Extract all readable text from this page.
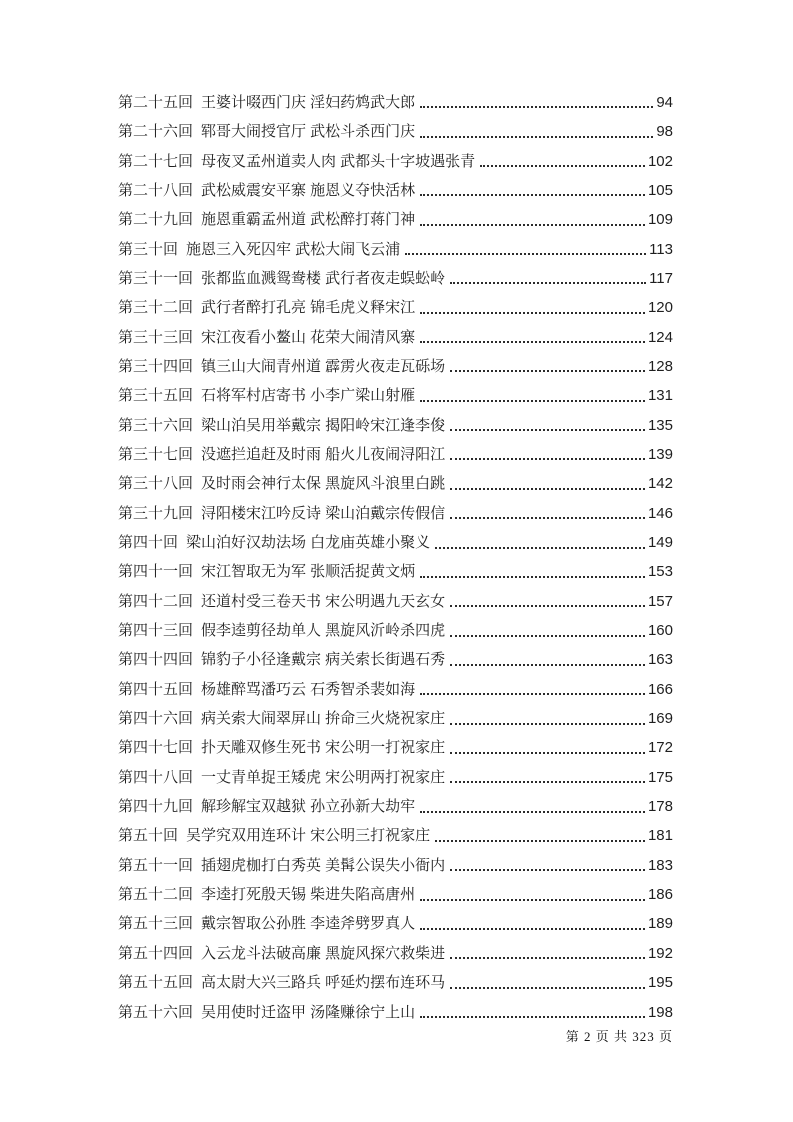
第二十五回 王婆计啜西门庆 淫妇药鸩武大郎	94
第二十六回 郓哥大闹授官厅 武松斗杀西门庆	98
第二十七回 母夜叉孟州道卖人肉 武都头十字坡遇张青	102
第二十八回 武松威震安平寨 施恩义夺快活林	105
第二十九回 施恩重霸孟州道 武松醉打蒋门神	109
第三十回 施恩三入死囚牢 武松大闹飞云浦	113
第三十一回 张都监血溅鸳鸯楼 武行者夜走蜈蚣岭	117
第三十二回 武行者醉打孔亮 锦毛虎义释宋江	120
第三十三回 宋江夜看小鳌山 花荣大闹清风寨	124
第三十四回 镇三山大闹青州道 霹雳火夜走瓦砾场	128
第三十五回 石将军村店寄书 小李广梁山射雁	131
第三十六回 梁山泊吴用举戴宗 揭阳岭宋江逢李俊	135
第三十七回 没遮拦追赶及时雨 船火儿夜闹浔阳江	139
第三十八回 及时雨会神行太保 黑旋风斗浪里白跳	142
第三十九回 浔阳楼宋江吟反诗 梁山泊戴宗传假信	146
第四十回 梁山泊好汉劫法场 白龙庙英雄小聚义	149
第四十一回 宋江智取无为军 张顺活捉黄文炳	153
第四十二回 还道村受三卷天书 宋公明遇九天玄女	157
第四十三回 假李逵剪径劫单人 黑旋风沂岭杀四虎	160
第四十四回 锦豹子小径逢戴宗 病关索长街遇石秀	163
第四十五回 杨雄醉骂潘巧云 石秀智杀裴如海	166
第四十六回 病关索大闹翠屏山 拚命三火烧祝家庄	169
第四十七回 扑天雕双修生死书 宋公明一打祝家庄	172
第四十八回 一丈青单捉王矮虎 宋公明两打祝家庄	175
第四十九回 解珍解宝双越狱 孙立孙新大劫牢	178
第五十回 吴学究双用连环计 宋公明三打祝家庄	181
第五十一回 插翅虎枷打白秀英 美髯公误失小衙内	183
第五十二回 李逵打死殷天锡 柴进失陷高唐州	186
第五十三回 戴宗智取公孙胜 李逵斧劈罗真人	189
第五十四回 入云龙斗法破高廉 黑旋风探穴救柴进	192
第五十五回 高太尉大兴三路兵 呼延灼摆布连环马	195
第五十六回 吴用使时迁盗甲 汤隆赚徐宁上山	198
第 2 页 共 323 页
